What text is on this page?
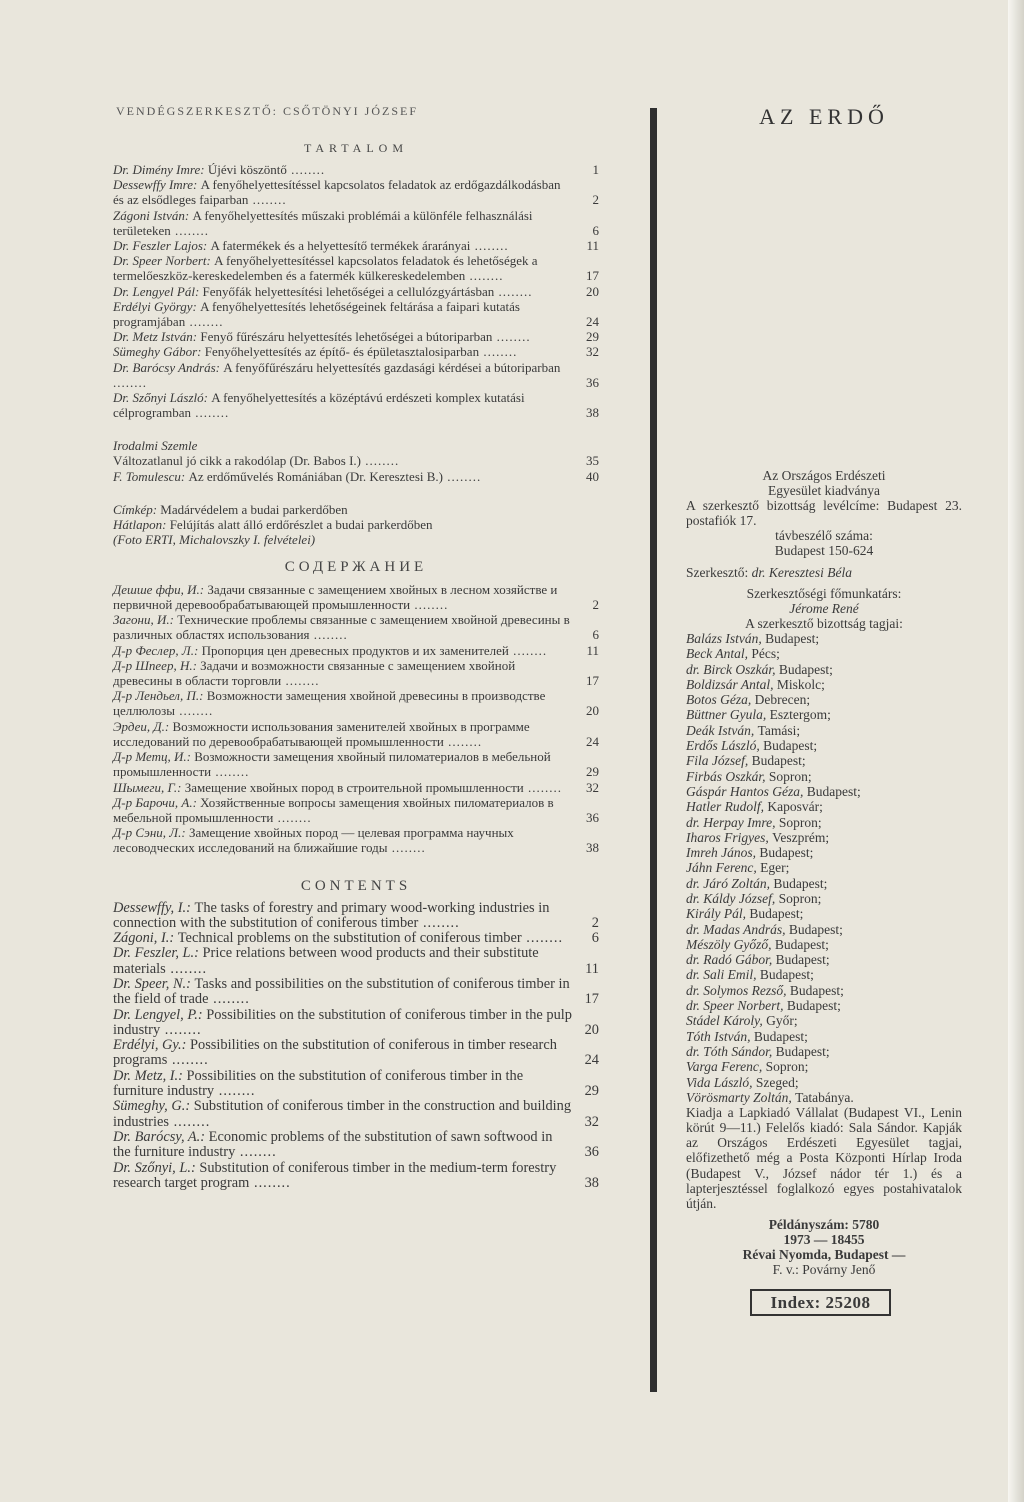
VENDÉGSZERKESZTŐ: CSŐTÖNYI JÓZSEF
TARTALOM
Dr. Dimény Imre: Újévi köszöntő ........	1
Dessewffy Imre: A fenyőhelyettesítéssel kapcsolatos feladatok az erdőgazdálkodásban és az elsődleges faiparban ........	2
Zágoni István: A fenyőhelyettesítés műszaki problémái a különféle felhasználási területeken ........	6
Dr. Feszler Lajos: A fatermékek és a helyettesítő termékek árarányai ........	11
Dr. Speer Norbert: A fenyőhelyettesítéssel kapcsolatos feladatok és lehetőségek a termelőeszköz-kereskedelemben és a fatermék külkereskedelemben ........	17
Dr. Lengyel Pál: Fenyőfák helyettesítési lehetőségei a cellulózgyártásban ........	20
Erdélyi György: A fenyőhelyettesítés lehetőségeinek feltárása a faipari kutatás programjában ........	24
Dr. Metz István: Fenyő fűrészáru helyettesítés lehetőségei a bútoriparban ........	29
Sümeghy Gábor: Fenyőhelyettesítés az építő- és épületasztalosiparban ........	32
Dr. Barócsy András: A fenyőfűrészáru helyettesítés gazdasági kérdései a bútoriparban ........	36
Dr. Szőnyi László: A fenyőhelyettesítés a középtávú erdészeti komplex kutatási célprogramban ........	38
Irodalmi Szemle
Változatlanul jó cikk a rakodólap (Dr. Babos I.) ........	35
F. Tomulescu: Az erdőművelés Romániában (Dr. Keresztesi B.) ........	40
Címkép: Madárvédelem a budai parkerdőben
Hátlapon: Felújítás alatt álló erdőrészlet a budai parkerdőben
(Foto ERTI, Michalovszky I. felvételei)
СОДЕРЖАНИЕ
Дешшe ффи, И.: Задачи связанные с замещением хвойных в лесном хозяйстве и первичной деревообрабатывающей промышленности ........	2
Загони, И.: Технические проблемы связанные с замещением хвойной древесины в различных областях использования ........	6
Д-р Феслер, Л.: Пропорция цен древесных продуктов и их заменителей ........	11
Д-р Шпеер, Н.: Задачи и возможности связанные с замещением хвойной древесины в области торговли ........	17
Д-р Лендьел, П.: Возможности замещения хвойной древесины в производстве целлюлозы ........	20
Эрдеи, Д.: Возможности использования заменителей хвойных в программе исследований по деревообрабатывающей промышленности ........	24
Д-р Метц, И.: Возможности замещения хвойный пиломатериалов в мебельной промышленности ........	29
Шымеги, Г.: Замещение хвойных пород в строительной промышленности ........ 32
Д-р Барочи, А.: Хозяйственные вопросы замещения хвойных пиломатериалов в мебельной промышленности ........	36
Д-р Сэни, Л.: Замещение хвойных пород — целевая программа научных лесоводческих исследований на ближайшие годы ........	38
CONTENTS
Dessewffy, I.: The tasks of forestry and primary wood-working industries in connection with the substitution of coniferous timber ........	2
Zágoni, I.: Technical problems on the substitution of coniferous timber ........ 6
Dr. Feszler, L.: Price relations between wood products and their substitute materials ........	11
Dr. Speer, N.: Tasks and possibilities on the substitution of coniferous timber in the field of trade ........	17
Dr. Lengyel, P.: Possibilities on the substitution of coniferous timber in the pulp industry ........	20
Erdélyi, Gy.: Possibilities on the substitution of coniferous in timber research programs ........	24
Dr. Metz, I.: Possibilities on the substitution of coniferous timber in the furniture industry ........	29
Sümeghy, G.: Substitution of coniferous timber in the construction and building industries ........	32
Dr. Barócsy, A.: Economic problems of the substitution of sawn softwood in the furniture industry ........	36
Dr. Szőnyi, L.: Substitution of coniferous timber in the medium-term forestry research target program ........	38
AZ ERDŐ

Az Országos Erdészeti

Egyesület kiadványa

A szerkesztő bizottság levélcíme: Budapest 23. postafiók 17.

távbeszélő száma:

Budapest 150-624

Szerkesztő: dr. Keresztesi Béla

Szerkesztőségi főmunkatárs:

Jérome René

A szerkesztő bizottság tagjai:

Balázs István, Budapest;
Beck Antal, Pécs;
dr. Birck Oszkár, Budapest;
Boldizsár Antal, Miskolc;
Botos Géza, Debrecen;
Büttner Gyula, Esztergom;
Deák István, Tamási;
Erdős László, Budapest;
Fila József, Budapest;
Firbás Oszkár, Sopron;
Gáspár Hantos Géza, Budapest;
Hatler Rudolf, Kaposvár;
dr. Herpay Imre, Sopron;
Iharos Frigyes, Veszprém;
Imreh János, Budapest;
Jáhn Ferenc, Eger;
dr. Járó Zoltán, Budapest;
dr. Káldy József, Sopron;
Király Pál, Budapest;
dr. Madas András, Budapest;
Mészöly Győző, Budapest;
dr. Radó Gábor, Budapest;
dr. Sali Emil, Budapest;
dr. Solymos Rezső, Budapest;
dr. Speer Norbert, Budapest;
Stádel Károly, Győr;
Tóth István, Budapest;
dr. Tóth Sándor, Budapest;
Varga Ferenc, Sopron;
Vida László, Szeged;
Vörösmarty Zoltán, Tatabánya.

Kiadja a Lapkiadó Vállalat (Budapest VI., Lenin körút 9—11.) Felelős kiadó: Sala Sándor. Kapják az Országos Erdészeti Egyesület tagjai, előfizethető még a Posta Központi Hírlap Iroda (Budapest V., József nádor tér 1.) és a lapterjesztéssel foglalkozó egyes postahivatalok útján.

Példányszám: 5780

1973 — 18455

Révai Nyomda, Budapest —

F. v.: Povárny Jenő

Index: 25208
